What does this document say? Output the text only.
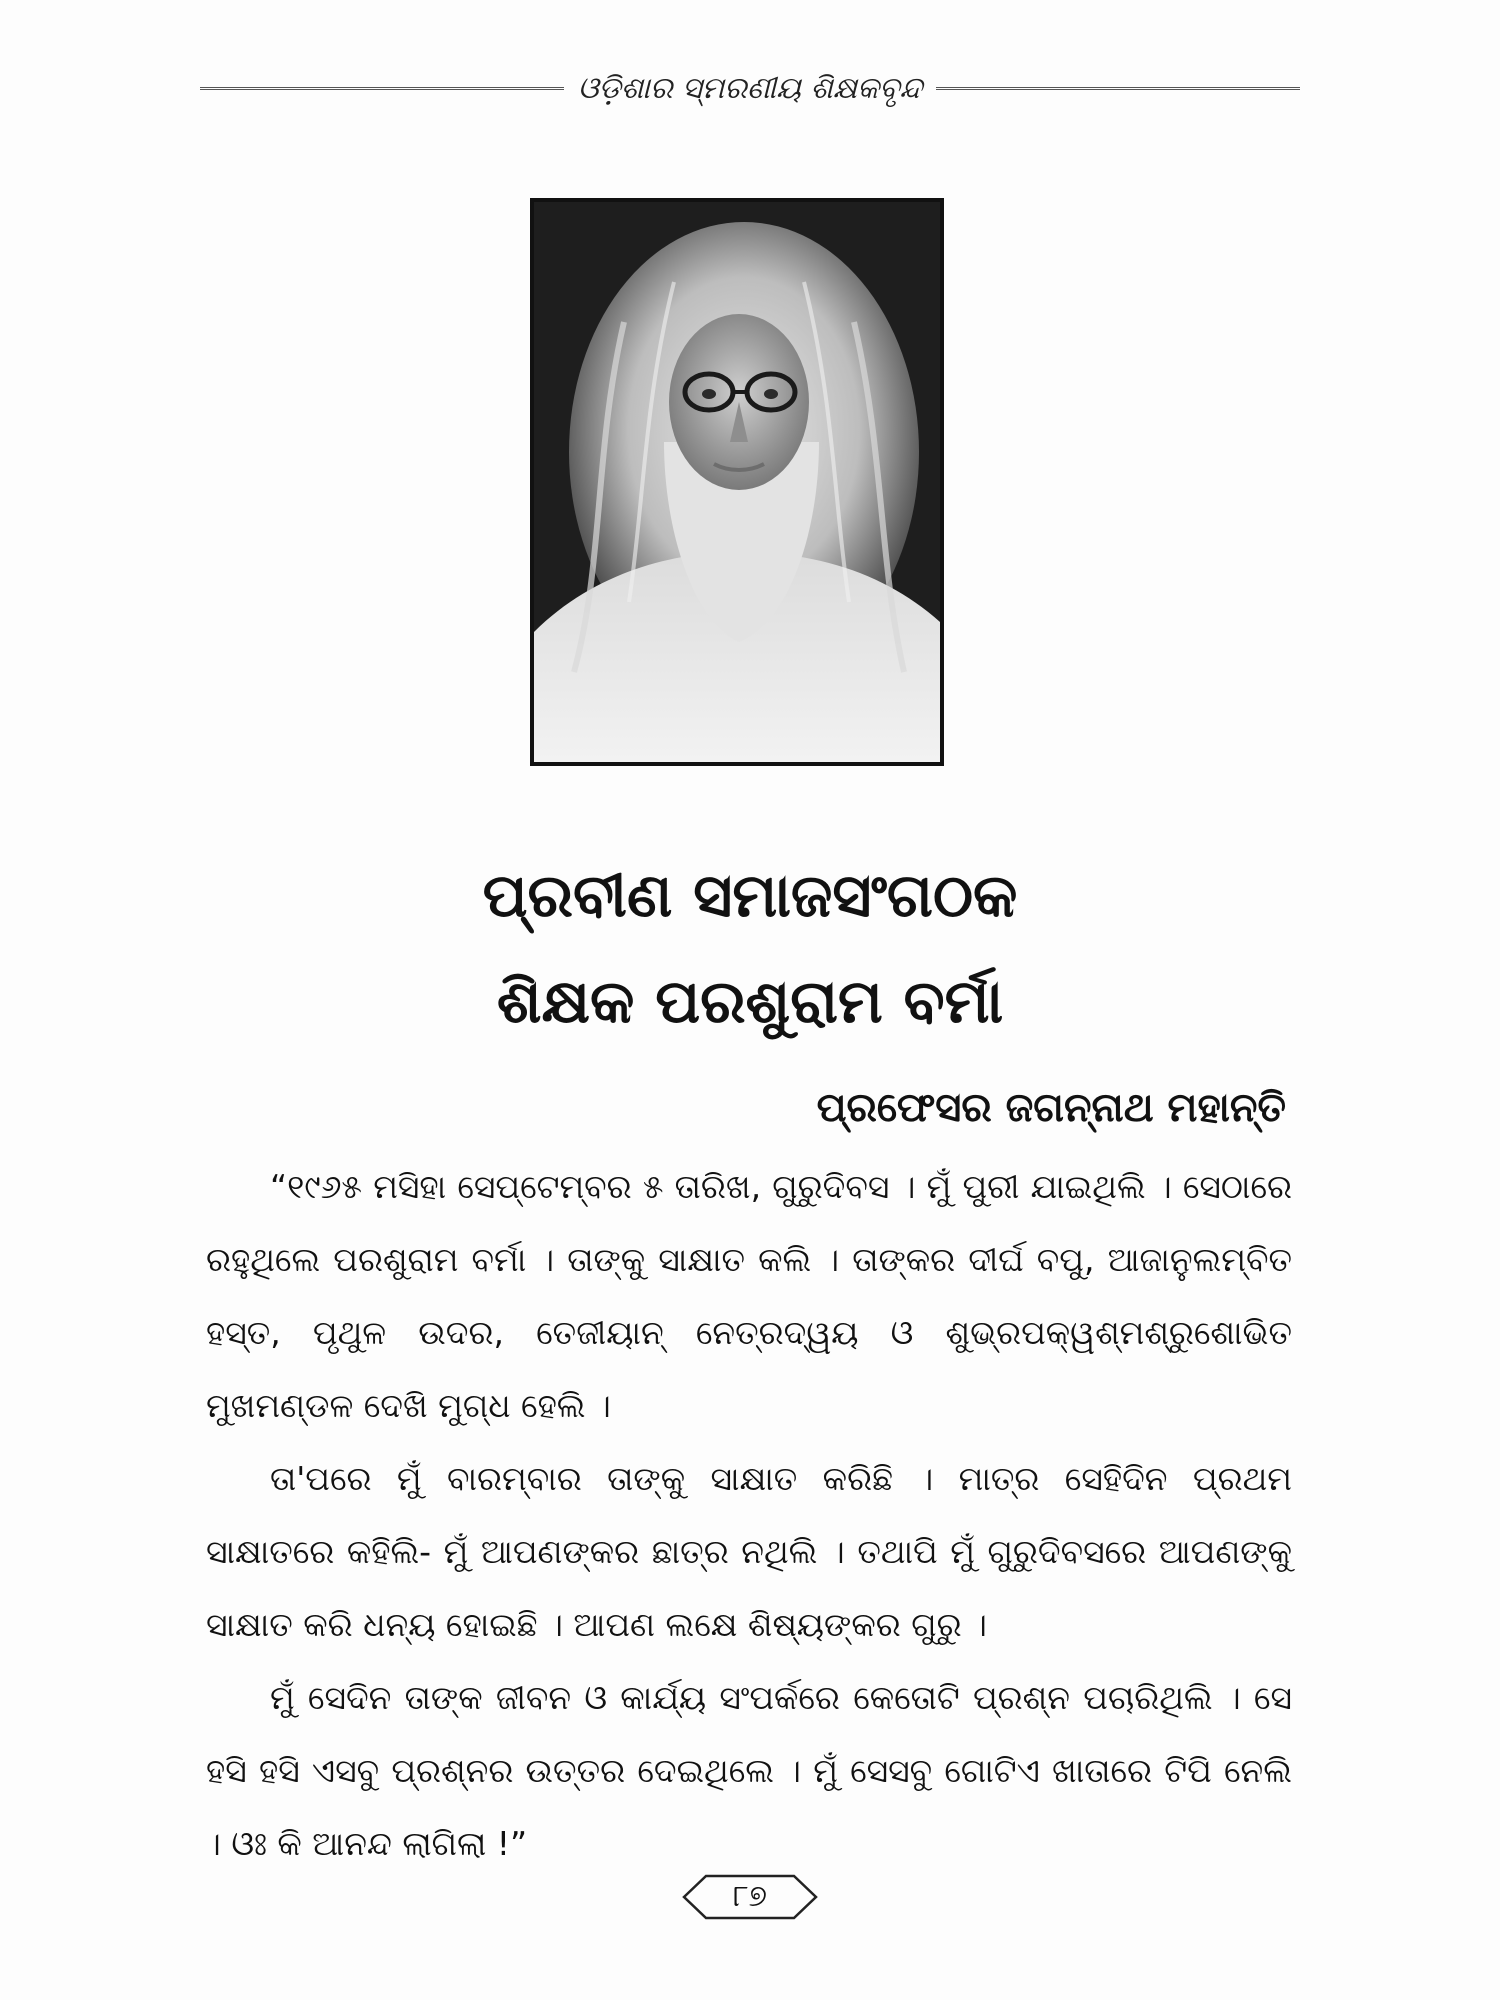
ଓଡ଼ିଶାର ସ୍ମରଣୀୟ ଶିକ୍ଷକବୃନ୍ଦ
ପ୍ରବୀଣ ସମାଜସଂଗଠକ
ଶିକ୍ଷକ ପରଶୁରାମ ବର୍ମା
ପ୍ରଫେସର ଜଗନ୍ନାଥ ମହାନ୍ତି

“୧୯୬୫ ମସିହା ସେପ୍ଟେମ୍ବର ୫ ତାରିଖ, ଗୁରୁଦିବସ । ମୁଁ ପୁରୀ ଯାଇଥିଲି । ସେଠାରେ ରହୁଥିଲେ ପରଶୁରାମ ବର୍ମା । ତାଙ୍କୁ ସାକ୍ଷାତ କଲି । ତାଙ୍କର ଦୀର୍ଘ ବପୁ, ଆଜାନୁଲମ୍ବିତ ହସ୍ତ, ପୃଥୁଳ ଉଦର, ତେଜୀୟାନ୍ ନେତ୍ରଦ୍ୱୟ ଓ ଶୁଭ୍ରପକ୍ୱଶ୍ମଶ୍ରୁଶୋଭିତ ମୁଖମଣ୍ଡଳ ଦେଖି ମୁଗ୍ଧ ହେଲି ।

ତା'ପରେ ମୁଁ ବାରମ୍ବାର ତାଙ୍କୁ ସାକ୍ଷାତ କରିଛି । ମାତ୍ର ସେହିଦିନ ପ୍ରଥମ ସାକ୍ଷାତରେ କହିଲି- ମୁଁ ଆପଣଙ୍କର ଛାତ୍ର ନଥିଲି । ତଥାପି ମୁଁ ଗୁରୁଦିବସରେ ଆପଣଙ୍କୁ ସାକ୍ଷାତ କରି ଧନ୍ୟ ହୋଇଛି । ଆପଣ ଲକ୍ଷେ ଶିଷ୍ୟଙ୍କର ଗୁରୁ ।

ମୁଁ ସେଦିନ ତାଙ୍କ ଜୀବନ ଓ କାର୍ଯ୍ୟ ସଂପର୍କରେ କେତୋଟି ପ୍ରଶ୍ନ ପଚାରିଥିଲି । ସେ ହସି ହସି ଏସବୁ ପ୍ରଶ୍ନର ଉତ୍ତର ଦେଇଥିଲେ । ମୁଁ ସେସବୁ ଗୋଟିଏ ଖାତାରେ ଟିପି ନେଲି । ଓଃ କି ଆନନ୍ଦ ଲାଗିଲା !”

୮୭
